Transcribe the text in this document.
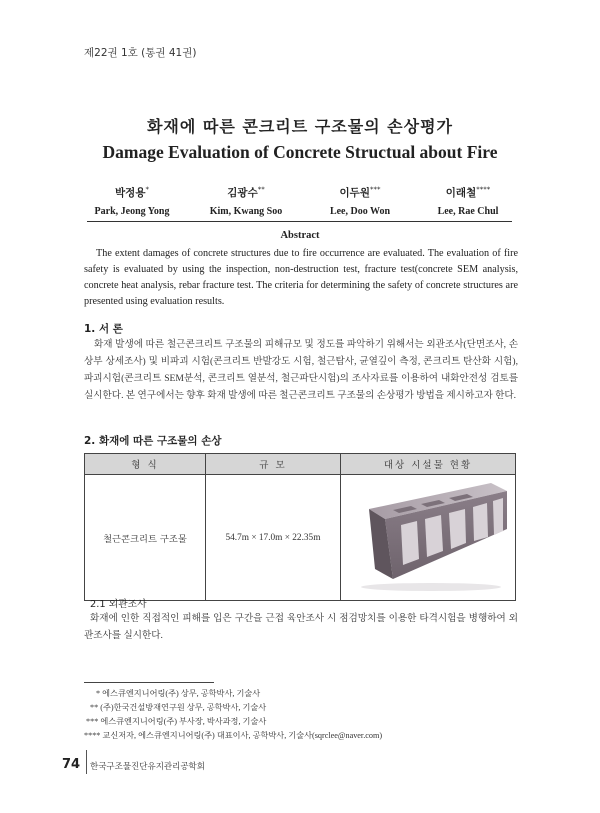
제22권 1호 (통권 41권)
화재에 따른 콘크리트 구조물의 손상평가
Damage Evaluation of Concrete Structual about Fire
박정용*
Park, Jeong Yong
김광수**
Kim, Kwang Soo
이두원***
Lee, Doo Won
이래철****
Lee, Rae Chul
Abstract
The extent damages of concrete structures due to fire occurrence are evaluated. The evaluation of fire safety is evaluated by using the inspection, non-destruction test, fracture test(concrete SEM analysis, concrete heat analysis, rebar fracture test. The criteria for determining the safety of concrete structures are presented using evaluation results.
1. 서 론
화재 발생에 따른 철근콘크리트 구조물의 피해규모 및 정도를 파악하기 위해서는 외관조사(단면조사, 손상부 상세조사) 및 비파괴 시험(콘크리트 반발강도 시험, 철근탐사, 균열깊이 측정, 콘크리트 탄산화 시험), 파괴시험(콘크리트 SEM분석, 콘크리트 열분석, 철근파단시험)의 조사자료를 이용하여 내화안전성 검토를 실시한다. 본 연구에서는 향후 화재 발생에 따른 철근콘크리트 구조물의 손상평가 방법을 제시하고자 한다.
2. 화재에 따른 구조물의 손상
형 식	규 모	대상 시설물 현황
철근콘크리트 구조물	54.7m × 17.0m × 22.35m	
2.1 외관조사
화재에 인한 직접적인 피해를 입은 구간을 근접 육안조사 시 점검망치를 이용한 타격시험을 병행하여 외관조사를 실시한다.
* 에스큐엔지니어링(주) 상무, 공학박사, 기술사
** (주)한국건설방재연구원 상무, 공학박사, 기술사
*** 에스큐엔지니어링(주) 부사장, 박사과정, 기술사
**** 교신저자, 에스큐엔지니어링(주) 대표이사, 공학박사, 기술사(sqrclee@naver.com)
74 한국구조물진단유지관리공학회
